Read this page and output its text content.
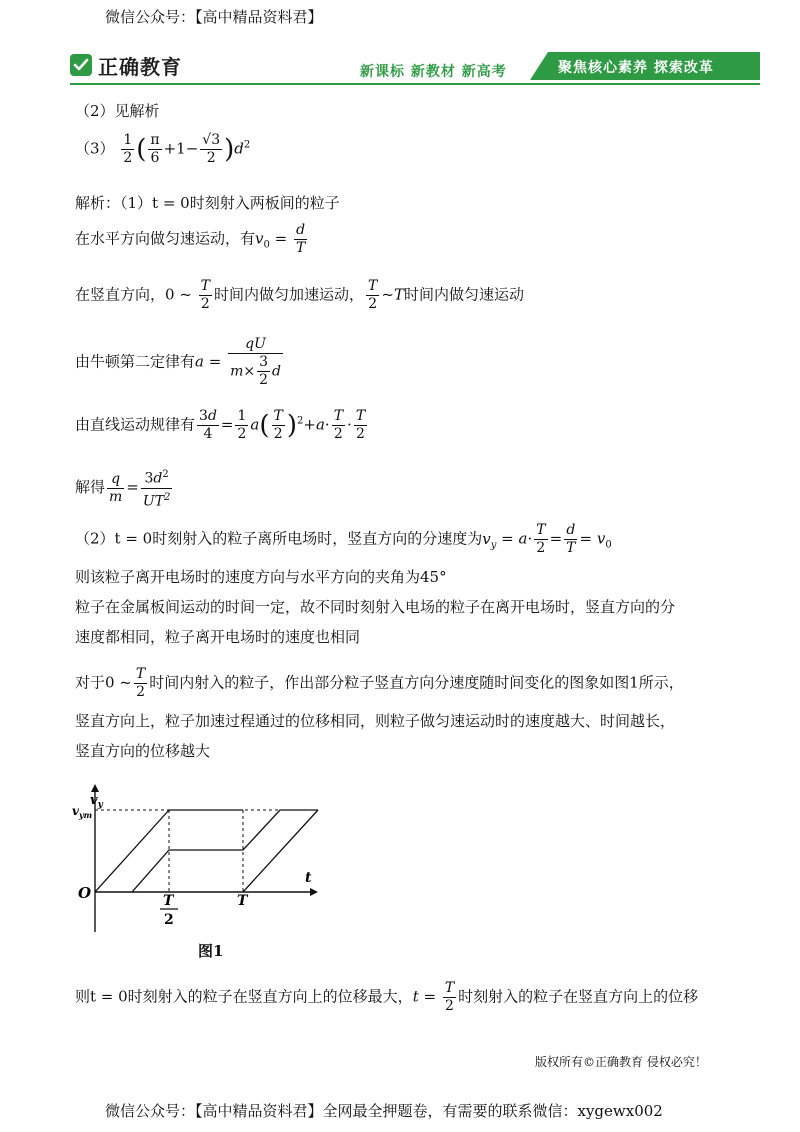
微信公众号：【高中精品资料君】
正确教育	新课标 新教材 新高考	聚焦核心素养 探索改革
（2）见解析
$(3) \frac{1}{2}$ ( $\frac{\pi}{6} +1- \frac{√3}{2} )d^2$
解析：（1）t = 0时刻射入两板间的粒子
在水平方向做匀速运动，有$v_0 = \frac{d}{T}$
在竖直方向，0 ~ $\frac{T}{2}$ 时间内做匀加速运动， $\frac{T}{2}$ ~T时间内做匀速运动
由牛顿第二定律有$a = \frac{qU}{m\times \frac{3}{2} d}$
由直线运动规律有 $\frac{3d}{4} = \frac{1}{2} a( \frac{T}{2} )^2+a\cdot \frac{T}{2} \cdot \frac{T}{2}$
解得 $\frac{q}{m} = \frac{3d^2}{UT^2}$
（2）t = 0时刻射入的粒子离所电场时，竖直方向的分速度为$v_y = a\cdot \frac{T}{2} = \frac{d}{T} = v_0$
则该粒子离开电场时的速度方向与水平方向的夹角为45°
粒子在金属板间运动的时间一定，故不同时刻射入电场的粒子在离开电场时，竖直方向的分
速度都相同，粒子离开电场时的速度也相同
对于0 ~ $\frac{T}{2}$ 时间内射入的粒子，作出部分粒子竖直方向分速度随时间变化的图象如图1所示，
竖直方向上，粒子加速过程通过的位移相同，则粒子做匀速运动时的速度越大、时间越长，
竖直方向的位移越大
$v_y$
$v_{ym}$
O
t
T
2
T
图1
则t = 0时刻射入的粒子在竖直方向上的位移最大，$t = \frac{T}{2}$ 时刻射入的粒子在竖直方向上的位移
版权所有©正确教育 侵权必究！
微信公众号：【高中精品资料君】全网最全押题卷，有需要的联系微信：xygewx002
